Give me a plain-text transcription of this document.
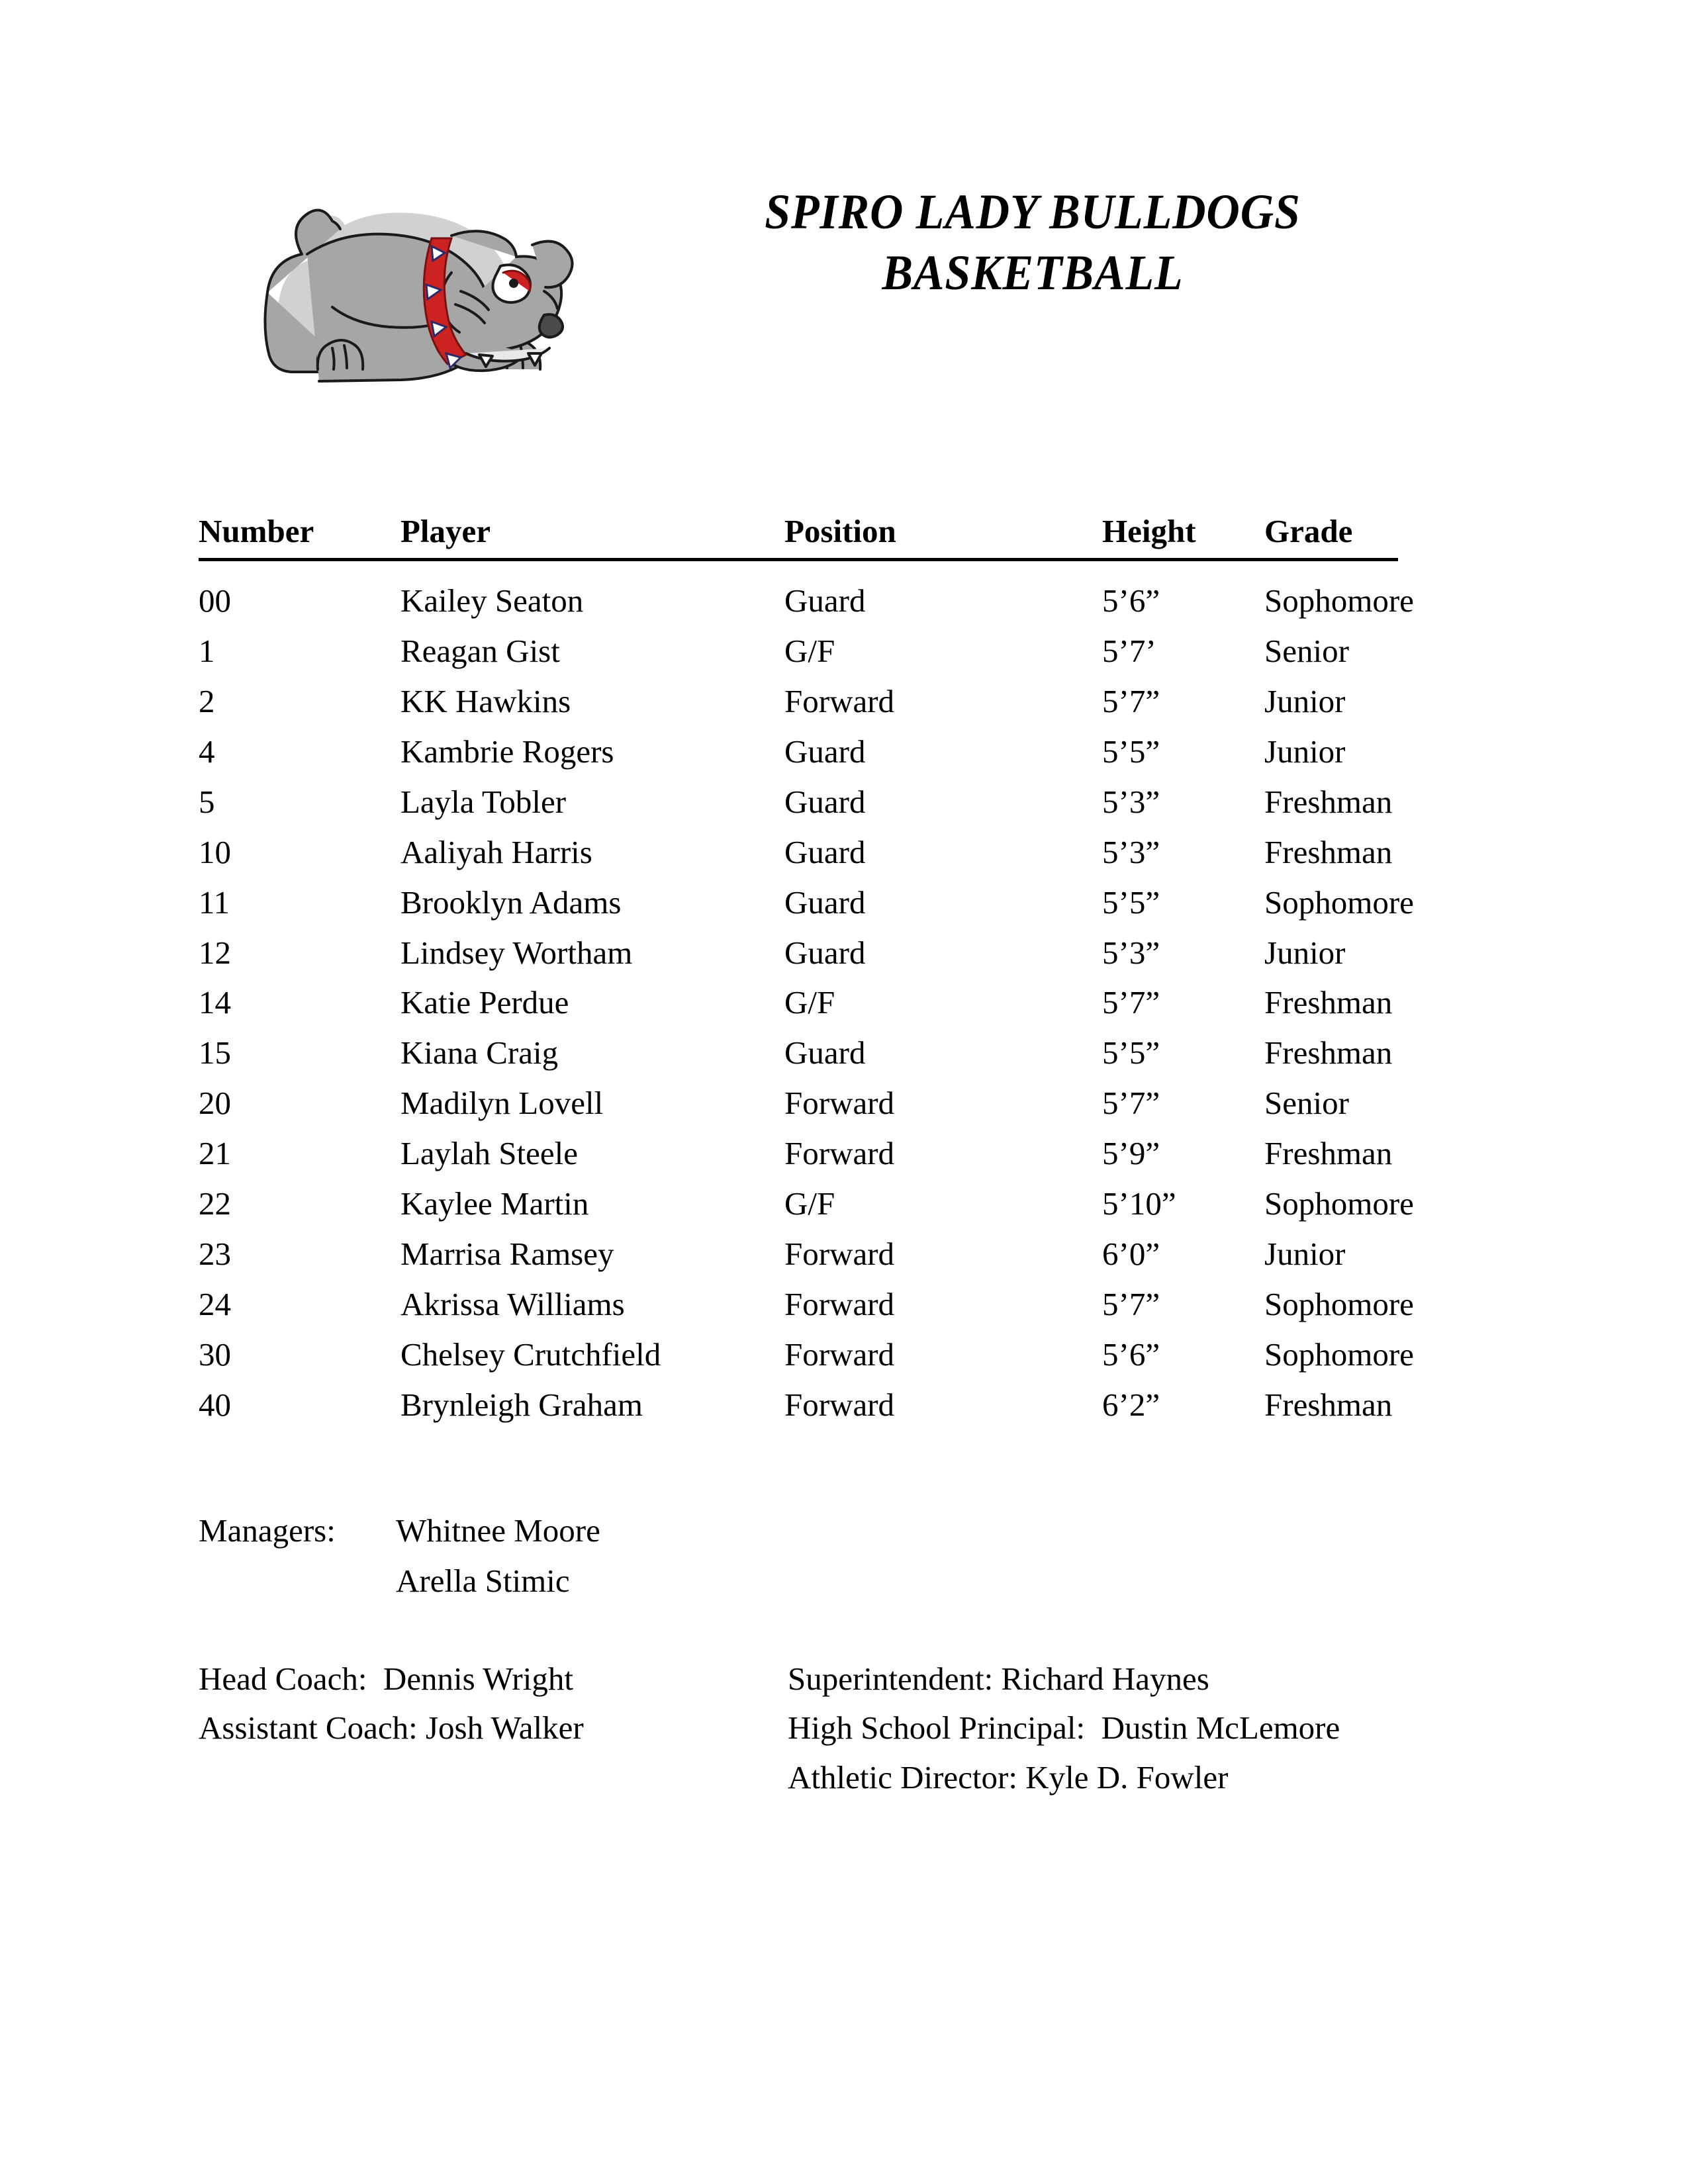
SPIRO LADY BULLDOGS
BASKETBALL
Number	Player	Position	Height	Grade
00	Kailey Seaton	Guard	5’6”	Sophomore
1	Reagan Gist	G/F	5’7’	Senior
2	KK Hawkins	Forward	5’7”	Junior
4	Kambrie Rogers	Guard	5’5”	Junior
5	Layla Tobler	Guard	5’3”	Freshman
10	Aaliyah Harris	Guard	5’3”	Freshman
11	Brooklyn Adams	Guard	5’5”	Sophomore
12	Lindsey Wortham	Guard	5’3”	Junior
14	Katie Perdue	G/F	5’7”	Freshman
15	Kiana Craig	Guard	5’5”	Freshman
20	Madilyn Lovell	Forward	5’7”	Senior
21	Laylah Steele	Forward	5’9”	Freshman
22	Kaylee Martin	G/F	5’10”	Sophomore
23	Marrisa Ramsey	Forward	6’0”	Junior
24	Akrissa Williams	Forward	5’7”	Sophomore
30	Chelsey Crutchfield	Forward	5’6”	Sophomore
40	Brynleigh Graham	Forward	6’2”	Freshman
Managers:	Whitnee Moore
Arella Stimic
Head Coach:  Dennis Wright	Superintendent: Richard Haynes
Assistant Coach: Josh Walker	High School Principal:  Dustin McLemore
Athletic Director: Kyle D. Fowler
